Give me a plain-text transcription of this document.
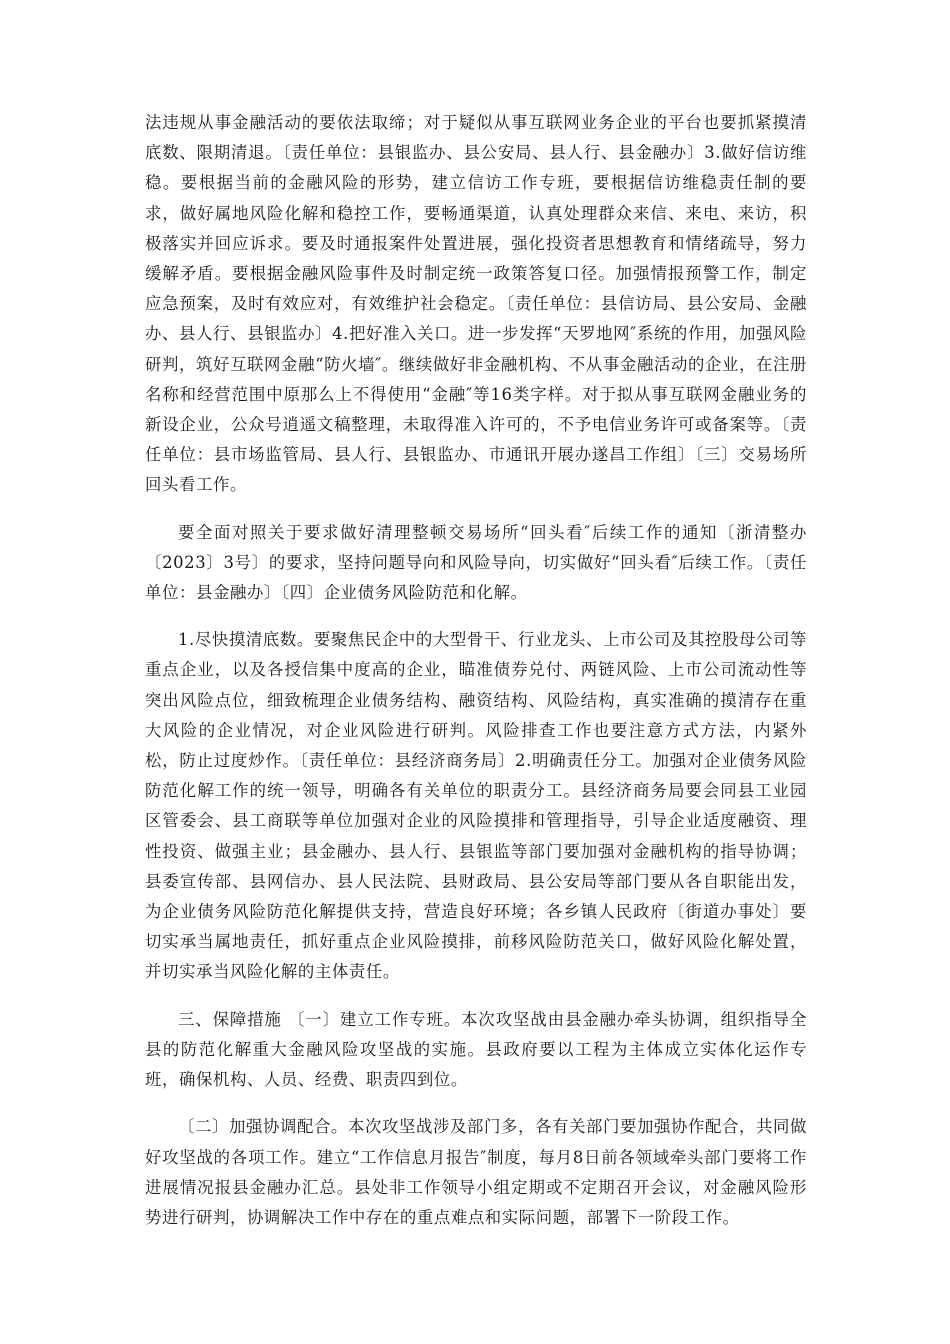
法违规从事金融活动的要依法取缔；对于疑似从事互联网业务企业的平台也要抓紧摸清底数、限期清退。〔责任单位：县银监办、县公安局、县人行、县金融办〕3.做好信访维稳。要根据当前的金融风险的形势，建立信访工作专班，要根据信访维稳责任制的要求，做好属地风险化解和稳控工作，要畅通渠道，认真处理群众来信、来电、来访，积极落实并回应诉求。要及时通报案件处置进展，强化投资者思想教育和情绪疏导，努力缓解矛盾。要根据金融风险事件及时制定统一政策答复口径。加强情报预警工作，制定应急预案，及时有效应对，有效维护社会稳定。〔责任单位：县信访局、县公安局、金融办、县人行、县银监办〕4.把好准入关口。进一步发挥“天罗地网″系统的作用，加强风险研判，筑好互联网金融“防火墙″。继续做好非金融机构、不从事金融活动的企业，在注册名称和经营范围中原那么上不得使用“金融″等16类字样。对于拟从事互联网金融业务的新设企业，公众号逍遥文稿整理，未取得准入许可的，不予电信业务许可或备案等。〔责任单位：县市场监管局、县人行、县银监办、市通讯开展办遂昌工作组〕〔三〕交易场所回头看工作。

要全面对照关于要求做好清理整顿交易场所“回头看″后续工作的通知〔浙清整办〔2023〕3号〕的要求，坚持问题导向和风险导向，切实做好“回头看″后续工作。〔责任单位：县金融办〕〔四〕企业债务风险防范和化解。

1.尽快摸清底数。要聚焦民企中的大型骨干、行业龙头、上市公司及其控股母公司等重点企业，以及各授信集中度高的企业，瞄准债券兑付、两链风险、上市公司流动性等突出风险点位，细致梳理企业债务结构、融资结构、风险结构，真实准确的摸清存在重大风险的企业情况，对企业风险进行研判。风险排查工作也要注意方式方法，内紧外松，防止过度炒作。〔责任单位：县经济商务局〕2.明确责任分工。加强对企业债务风险防范化解工作的统一领导，明确各有关单位的职责分工。县经济商务局要会同县工业园区管委会、县工商联等单位加强对企业的风险摸排和管理指导，引导企业适度融资、理性投资、做强主业；县金融办、县人行、县银监等部门要加强对金融机构的指导协调；县委宣传部、县网信办、县人民法院、县财政局、县公安局等部门要从各自职能出发，为企业债务风险防范化解提供支持，营造良好环境；各乡镇人民政府〔街道办事处〕要切实承当属地责任，抓好重点企业风险摸排，前移风险防范关口，做好风险化解处置，并切实承当风险化解的主体责任。

三、保障措施 〔一〕建立工作专班。本次攻坚战由县金融办牵头协调，组织指导全县的防范化解重大金融风险攻坚战的实施。县政府要以工程为主体成立实体化运作专班，确保机构、人员、经费、职责四到位。

〔二〕加强协调配合。本次攻坚战涉及部门多，各有关部门要加强协作配合，共同做好攻坚战的各项工作。建立“工作信息月报告″制度，每月8日前各领域牵头部门要将工作进展情况报县金融办汇总。县处非工作领导小组定期或不定期召开会议，对金融风险形势进行研判，协调解决工作中存在的重点难点和实际问题，部署下一阶段工作。
